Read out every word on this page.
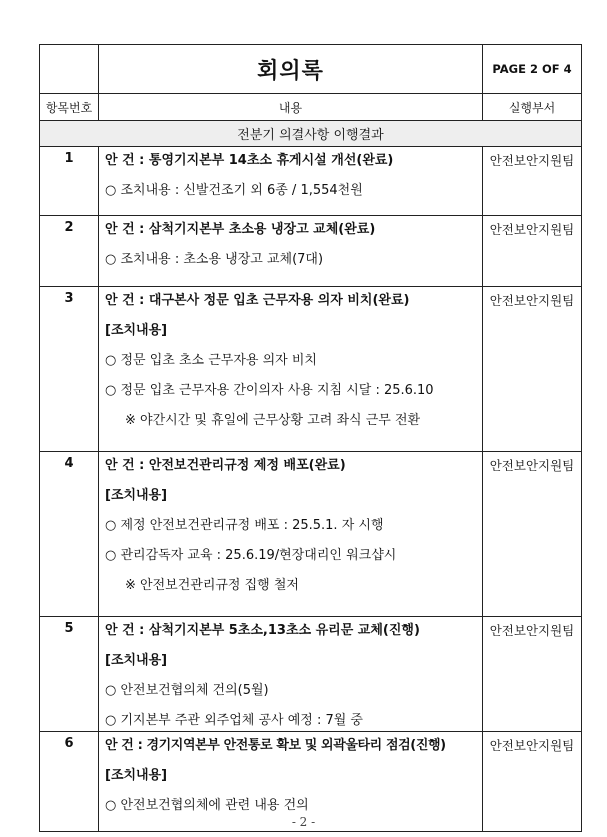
	회의록	PAGE 2 OF 4
항목번호	내용	실행부서
전분기 의결사항 이행결과		
1	안 건 : 통영기지본부 14초소 휴게시설 개선(완료)
○ 조치내용 : 신발건조기 외 6종 / 1,554천원	안전보안지원팀
2	안 건 : 삼척기지본부 초소용 냉장고 교체(완료)
○ 조치내용 : 초소용 냉장고 교체(7대)	안전보안지원팀
3	안 건 : 대구본사 정문 입초 근무자용 의자 비치(완료)
[조치내용]
○ 정문 입초 초소 근무자용 의자 비치
○ 정문 입초 근무자용 간이의자 사용 지침 시달 : 25.6.10
※ 야간시간 및 휴일에 근무상황 고려 좌식 근무 전환	안전보안지원팀
4	안 건 : 안전보건관리규정 제정 배포(완료)
[조치내용]
○ 제정 안전보건관리규정 배포 : 25.5.1. 자 시행
○ 관리감독자 교육 : 25.6.19/현장대리인 워크샵시
※ 안전보건관리규정 집행 철저	안전보안지원팀
5	안 건 : 삼척기지본부 5초소,13초소 유리문 교체(진행)
[조치내용]
○ 안전보건협의체 건의(5월)
○ 기지본부 주관 외주업체 공사 예정 : 7월 중	안전보안지원팀
6	안 건 : 경기지역본부 안전통로 확보 및 외곽울타리 점검(진행)
[조치내용]
○ 안전보건협의체에 관련 내용 건의	안전보안지원팀
- 2 -
